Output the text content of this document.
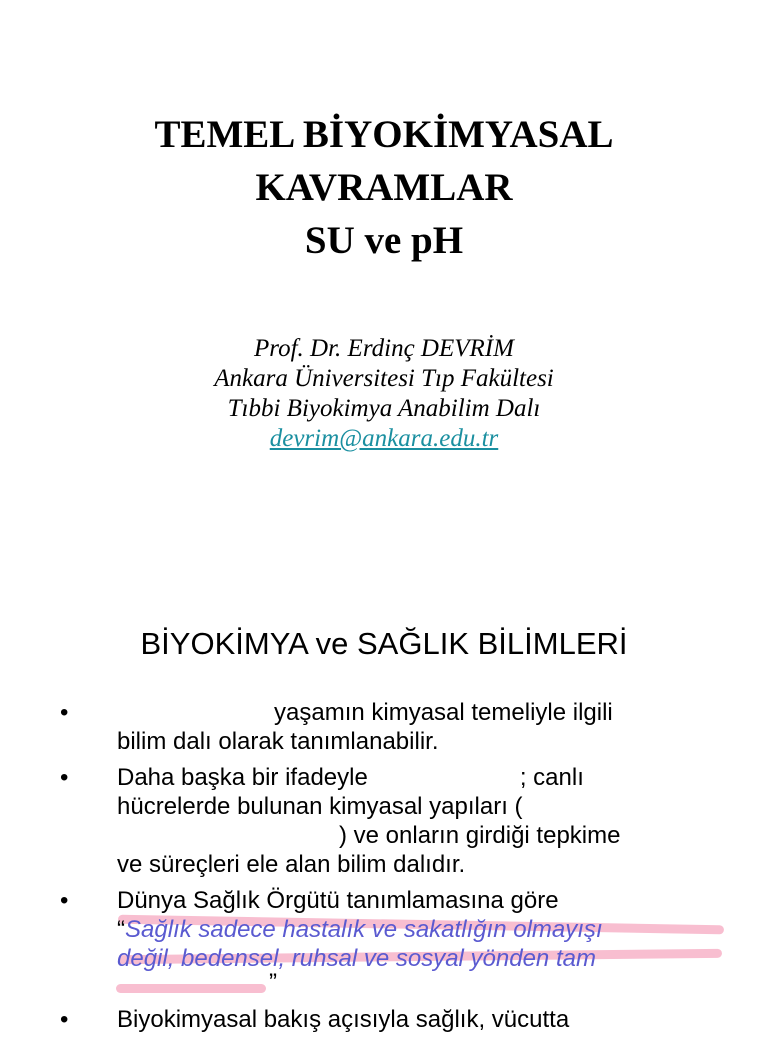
TEMEL BİYOKİMYASAL
KAVRAMLAR
SU ve pH
Prof. Dr. Erdinç DEVRİM
Ankara Üniversitesi Tıp Fakültesi
Tıbbi Biyokimya Anabilim Dalı
devrim@ankara.edu.tr
BİYOKİMYA ve SAĞLIK BİLİMLERİ
•	yaşamın kimyasal temeliyle ilgili
bilim dalı olarak tanımlanabilir.
• Daha başka bir ifadeyle	; canlı
hücrelerde bulunan kimyasal yapıları (
) ve onların girdiği tepkime
ve süreçleri ele alan bilim dalıdır.
• Dünya Sağlık Örgütü tanımlamasına göre
“Sağlık sadece hastalık ve sakatlığın olmayışı
değil, bedensel, ruhsal ve sosyal yönden tam
”
• Biyokimyasal bakış açısıyla sağlık, vücutta
